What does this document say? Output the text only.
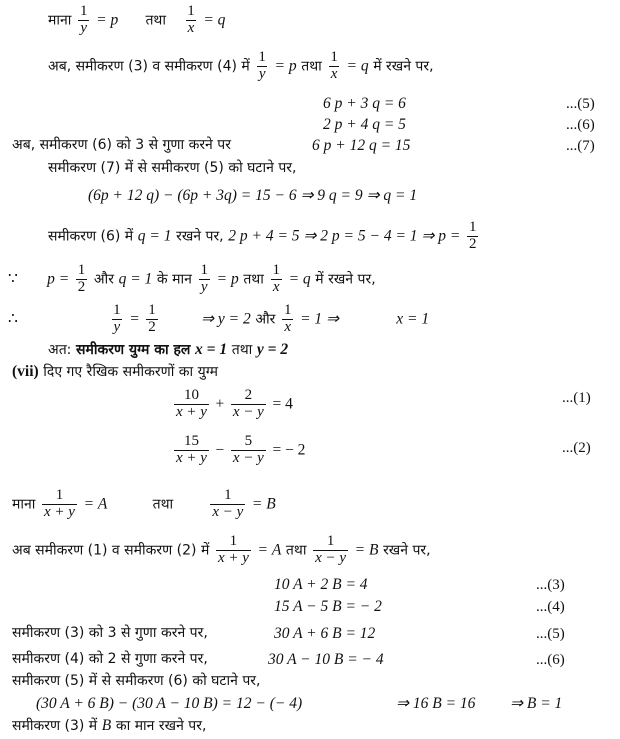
माना $\frac{1}{y} = p$ तथा $\frac{1}{x} = q$
अब, समीकरण (3) व समीकरण (4) में $\frac{1}{y} = p$ तथा $\frac{1}{x} = q$ में रखने पर,
6 p + 3 q = 6	...(5)
2 p + 4 q = 5	...(6)
अब, समीकरण (6) को 3 से गुणा करने पर	6 p + 12 q = 15	...(7)
समीकरण (7) में से समीकरण (5) को घटाने पर,
(6p + 12 q) − (6p + 3q) = 15 − 6 ⇒ 9 q = 9 ⇒ q = 1
समीकरण (6) में q = 1 रखने पर, 2 p + 4 = 5 ⇒ 2 p = 5 − 4 = 1 ⇒ $p = \frac{1}{2}$
∵ $p = \frac{1}{2}$ और q = 1 के मान $\frac{1}{y} = p$ तथा $\frac{1}{x} = q$ में रखने पर,
∴	$\frac{1}{y} = \frac{1}{2}$	⇒ y = 2 और $\frac{1}{x} = 1$ ⇒	x = 1
अत: समीकरण युग्म का हल x = 1 तथा y = 2
(vii) दिए गए रैखिक समीकरणों का युग्म
$\frac{10}{x + y} + \frac{2}{x - y} = 4$	...(1)
$\frac{15}{x + y} - \frac{5}{x - y}$ = − 2	...(2)
माना $\frac{1}{x + y} = A$	तथा $\frac{1}{x - y} = B$
अब समीकरण (1) व समीकरण (2) में $\frac{1}{x + y} = A$ तथा $\frac{1}{x - y} = B$ रखने पर,
10 A + 2 B = 4	...(3)
15 A − 5 B = − 2	...(4)
समीकरण (3) को 3 से गुणा करने पर,	30 A + 6 B = 12	...(5)
समीकरण (4) को 2 से गुणा करने पर,	30 A − 10 B = − 4	...(6)
समीकरण (5) में से समीकरण (6) को घटाने पर,
(30 A + 6 B) − (30 A − 10 B) = 12 − (− 4)	⇒ 16 B = 16 ⇒ B = 1
समीकरण (3) में B का मान रखने पर,
